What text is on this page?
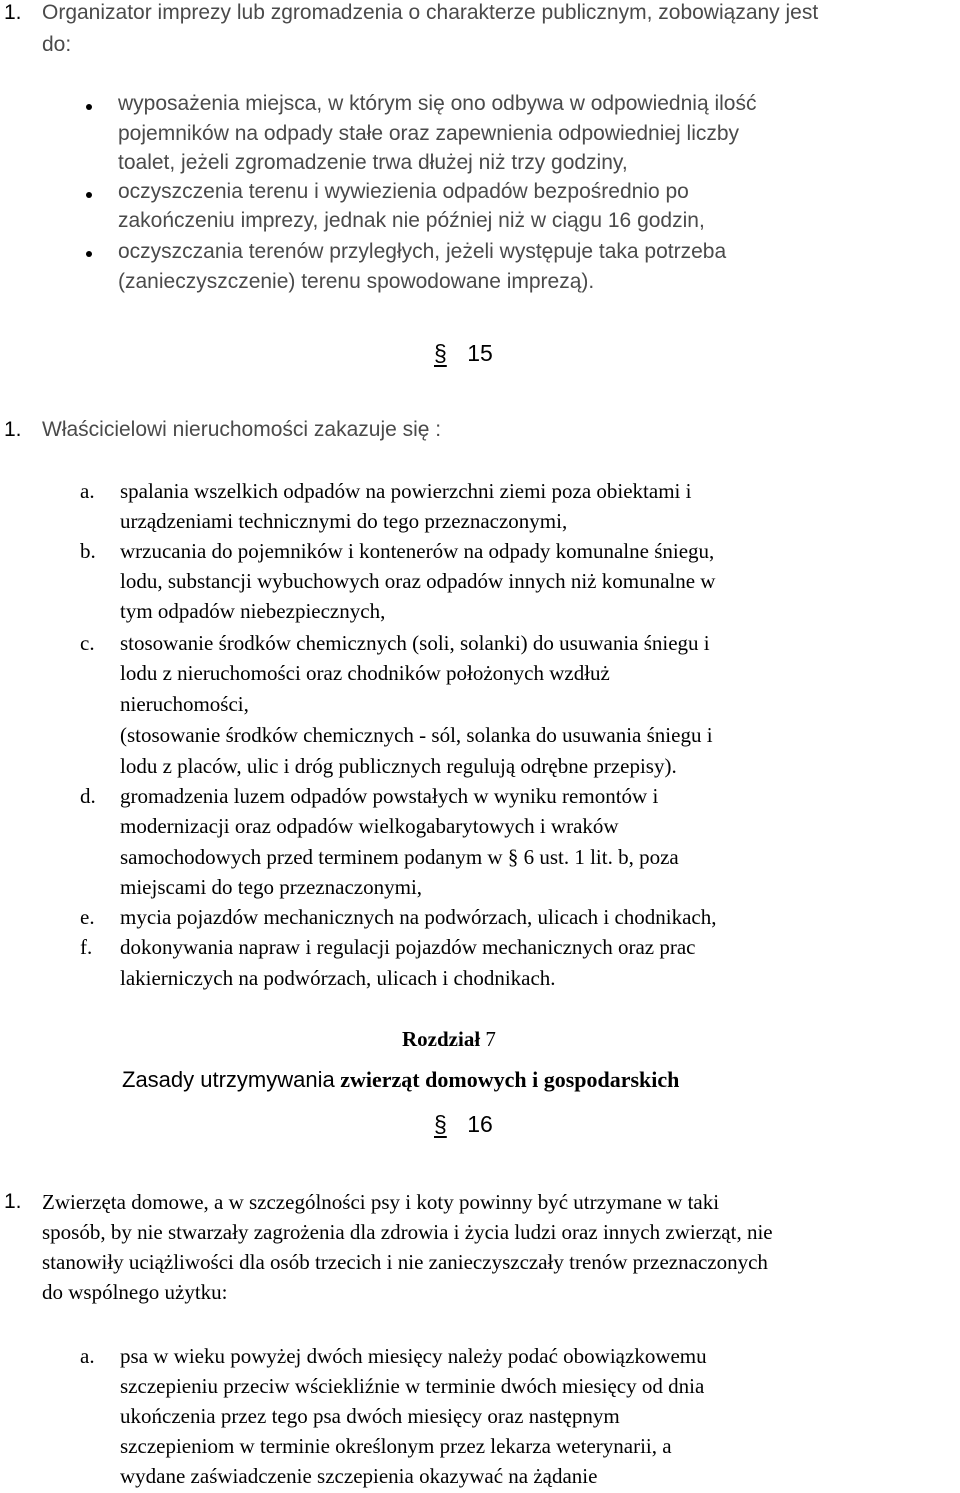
1. Organizator imprezy lub zgromadzenia o charakterze publicznym, zobowiązany jest
do:
wyposażenia miejsca, w którym się ono odbywa w odpowiednią ilość
pojemników na odpady stałe oraz zapewnienia odpowiedniej liczby
toalet, jeżeli zgromadzenie trwa dłużej niż trzy godziny,
oczyszczenia terenu i wywiezienia odpadów bezpośrednio po
zakończeniu imprezy, jednak nie później niż w ciągu 16 godzin,
oczyszczania terenów przyległych, jeżeli występuje taka potrzeba
(zanieczyszczenie) terenu spowodowane imprezą).
§ 15
1. Właścicielowi nieruchomości zakazuje się :
a. spalania wszelkich odpadów na powierzchni ziemi poza obiektami i
urządzeniami technicznymi do tego przeznaczonymi,
b. wrzucania do pojemników i kontenerów na odpady komunalne śniegu,
lodu, substancji wybuchowych oraz odpadów innych niż komunalne w
tym odpadów niebezpiecznych,
c. stosowanie środków chemicznych (soli, solanki) do usuwania śniegu i
lodu z nieruchomości oraz chodników położonych wzdłuż
nieruchomości,
(stosowanie środków chemicznych - sól, solanka do usuwania śniegu i
lodu z placów, ulic i dróg publicznych regulują odrębne przepisy).
d. gromadzenia luzem odpadów powstałych w wyniku remontów i
modernizacji oraz odpadów wielkogabarytowych i wraków
samochodowych przed terminem podanym w § 6 ust. 1 lit. b, poza
miejscami do tego przeznaczonymi,
e. mycia pojazdów mechanicznych na podwórzach, ulicach i chodnikach,
f. dokonywania napraw i regulacji pojazdów mechanicznych oraz prac
lakierniczych na podwórzach, ulicach i chodnikach.
Rozdział 7
Zasady utrzymywania zwierząt domowych i gospodarskich
§ 16
1. Zwierzęta domowe, a w szczególności psy i koty powinny być utrzymane w taki
sposób, by nie stwarzały zagrożenia dla zdrowia i życia ludzi oraz innych zwierząt, nie
stanowiły uciążliwości dla osób trzecich i nie zanieczyszczały trenów przeznaczonych
do wspólnego użytku:
a. psa w wieku powyżej dwóch miesięcy należy podać obowiązkowemu
szczepieniu przeciw wściekliźnie w terminie dwóch miesięcy od dnia
ukończenia przez tego psa dwóch miesięcy oraz następnym
szczepieniom w terminie określonym przez lekarza weterynarii, a
wydane zaświadczenie szczepienia okazywać na żądanie
